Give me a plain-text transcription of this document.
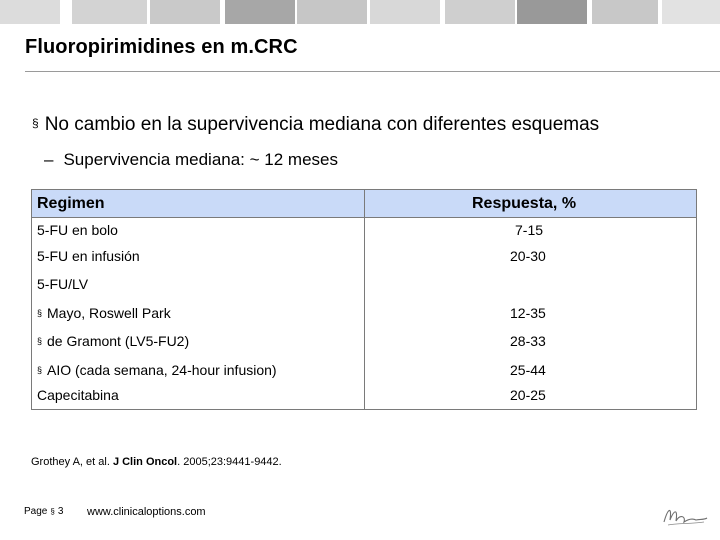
Fluoropirimidines en m.CRC
§ No cambio en la supervivencia mediana con diferentes esquemas
– Supervivencia mediana: ~ 12 meses
Regimen	Respuesta, %
5-FU en bolo	7-15
5-FU en infusión	20-30
5-FU/LV
§ Mayo, Roswell Park	12-35
§ de Gramont (LV5-FU2)	28-33
§ AIO (cada semana, 24-hour infusion)	25-44
Capecitabina	20-25
Grothey A, et al. J Clin Oncol. 2005;23:9441-9442.
Page § 3 www.clinicaloptions.com
